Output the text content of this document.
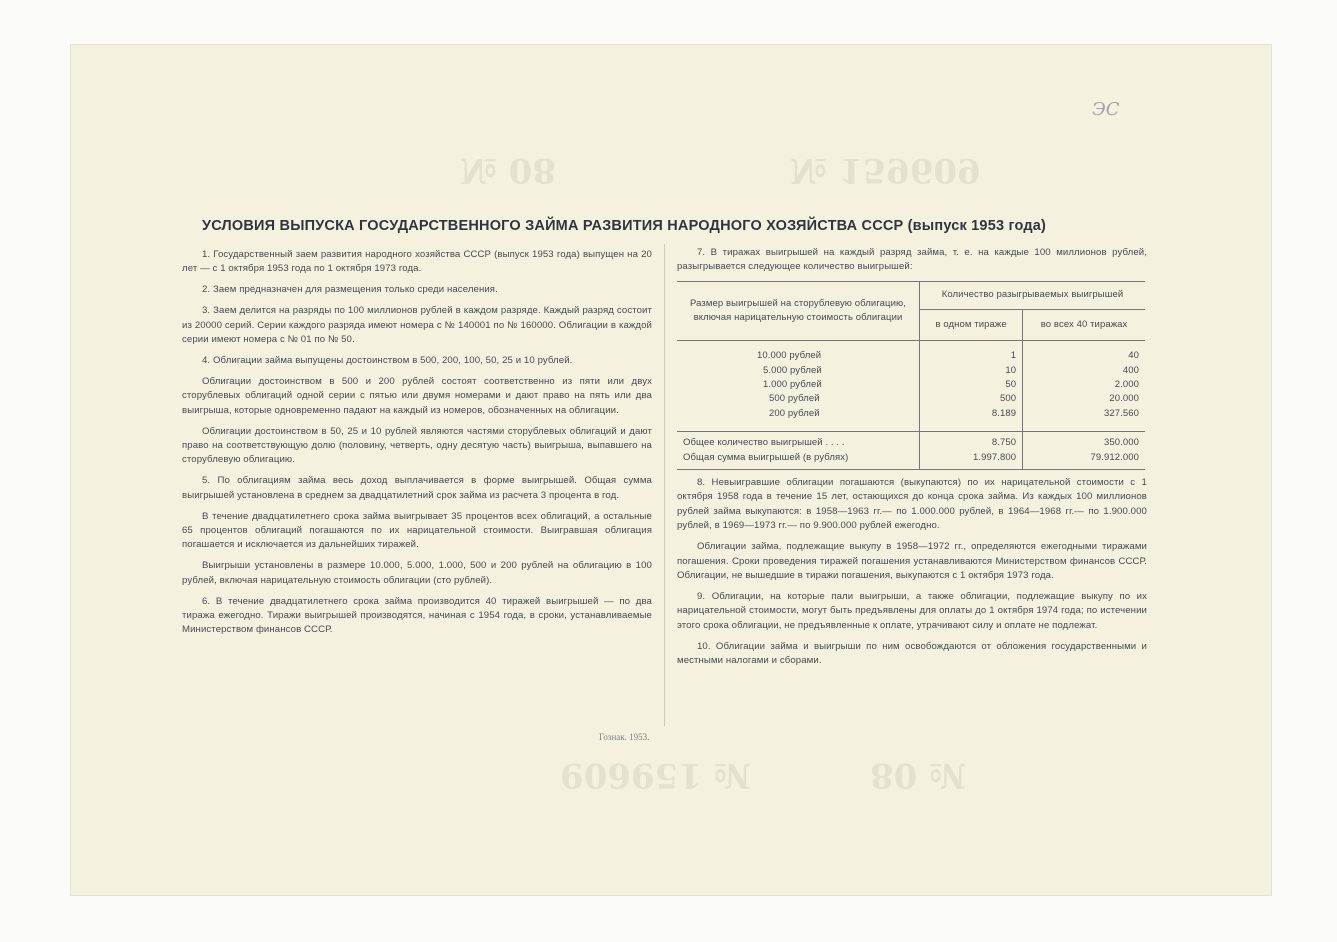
ЭС
№ 159609
№ 08
№ 159609	№ 08
УСЛОВИЯ ВЫПУСКА ГОСУДАРСТВЕННОГО ЗАЙМА РАЗВИТИЯ НАРОДНОГО ХОЗЯЙСТВА СССР (выпуск 1953 года)

1. Государственный заем развития народного хозяйства СССР (выпуск 1953 года) выпущен на 20 лет — с 1 октября 1953 года по 1 октября 1973 года.

2. Заем предназначен для размещения только среди населения.

3. Заем делится на разряды по 100 миллионов рублей в каждом разряде. Каждый разряд состоит из 20000 серий. Серии каждого разряда имеют номера с № 140001 по № 160000. Облигации в каждой серии имеют номера с № 01 по № 50.

4. Облигации займа выпущены достоинством в 500, 200, 100, 50, 25 и 10 рублей.

Облигации достоинством в 500 и 200 рублей состоят соответственно из пяти или двух сторублевых облигаций одной серии с пятью или двумя номерами и дают право на пять или два выигрыша, которые одновременно падают на каждый из номеров, обозначенных на облигации.

Облигации достоинством в 50, 25 и 10 рублей являются частями сторублевых облигаций и дают право на соответствующую долю (половину, четверть, одну десятую часть) выигрыша, выпавшего на сторублевую облигацию.

5. По облигациям займа весь доход выплачивается в форме выигрышей. Общая сумма выигрышей установлена в среднем за двадцатилетний срок займа из расчета 3 процента в год.

В течение двадцатилетнего срока займа выигрывает 35 процентов всех облигаций, а остальные 65 процентов облигаций погашаются по их нарицательной стоимости. Выигравшая облигация погашается и исключается из дальнейших тиражей.

Выигрыши установлены в размере 10.000, 5.000, 1.000, 500 и 200 рублей на облигацию в 100 рублей, включая нарицательную стоимость облигации (сто рублей).

6. В течение двадцатилетнего срока займа производится 40 тиражей выигрышей — по два тиража ежегодно. Тиражи выигрышей производятся, начиная с 1954 года, в сроки, устанавливаемые Министерством финансов СССР.

7. В тиражах выигрышей на каждый разряд займа, т. е. на каждые 100 миллионов рублей, разыгрывается следующее количество выигрышей:

Размер выигрышей на сторублевую облигацию, включая нарицательную стоимость облигации	Количество разыгрываемых выигрышей	
	в одном тираже	во всех 40 тиражах

10.000 рублей	1	40
5.000 рублей	10	400
1.000 рублей	50	2.000
500 рублей	500	20.000
200 рублей	8.189	327.560

Общее количество выигрышей . . . .	8.750	350.000
Общая сумма выигрышей (в рублях)	1.997.800	79.912.000

8. Невыигравшие облигации погашаются (выкупаются) по их нарицательной стоимости с 1 октября 1958 года в течение 15 лет, остающихся до конца срока займа. Из каждых 100 миллионов рублей займа выкупаются: в 1958—1963 гг.— по 1.000.000 рублей, в 1964—1968 гг.— по 1.900.000 рублей, в 1969—1973 гг.— по 9.900.000 рублей ежегодно.

Облигации займа, подлежащие выкупу в 1958—1972 гг., определяются ежегодными тиражами погашения. Сроки проведения тиражей погашения устанавливаются Министерством финансов СССР. Облигации, не вышедшие в тиражи погашения, выкупаются с 1 октября 1973 года.

9. Облигации, на которые пали выигрыши, а также облигации, подлежащие выкупу по их нарицательной стоимости, могут быть предъявлены для оплаты до 1 октября 1974 года; по истечении этого срока облигации, не предъявленные к оплате, утрачивают силу и оплате не подлежат.

10. Облигации займа и выигрыши по ним освобождаются от обложения государственными и местными налогами и сборами.

Гознак. 1953.
